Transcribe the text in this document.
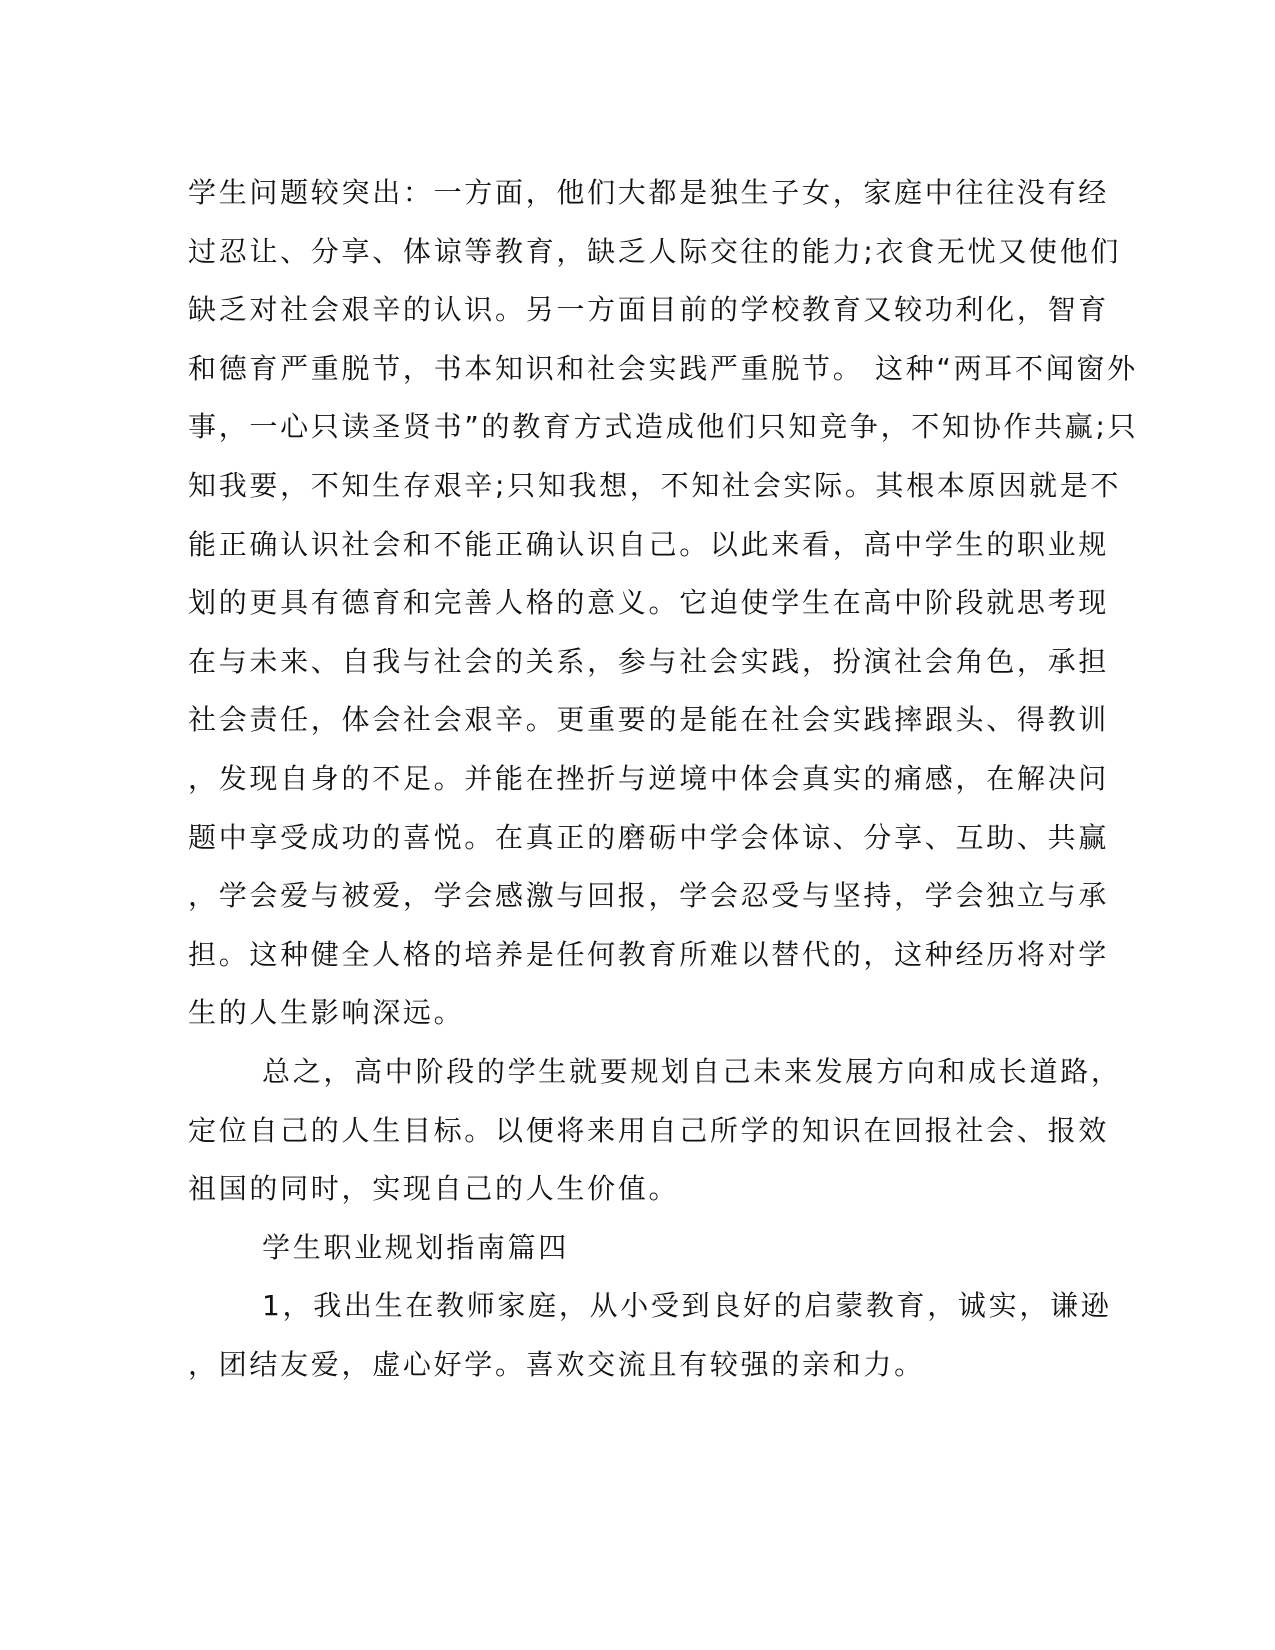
学生问题较突出：一方面，他们大都是独生子女，家庭中往往没有经
过忍让、分享、体谅等教育，缺乏人际交往的能力;衣食无忧又使他们
缺乏对社会艰辛的认识。另一方面目前的学校教育又较功利化，智育
和德育严重脱节，书本知识和社会实践严重脱节。 这种“两耳不闻窗外
事，一心只读圣贤书”的教育方式造成他们只知竞争，不知协作共赢;只
知我要，不知生存艰辛;只知我想，不知社会实际。其根本原因就是不
能正确认识社会和不能正确认识自己。以此来看，高中学生的职业规
划的更具有德育和完善人格的意义。它迫使学生在高中阶段就思考现
在与未来、自我与社会的关系，参与社会实践，扮演社会角色，承担
社会责任，体会社会艰辛。更重要的是能在社会实践摔跟头、得教训
，发现自身的不足。并能在挫折与逆境中体会真实的痛感，在解决问
题中享受成功的喜悦。在真正的磨砺中学会体谅、分享、互助、共赢
，学会爱与被爱，学会感激与回报，学会忍受与坚持，学会独立与承
担。这种健全人格的培养是任何教育所难以替代的，这种经历将对学
生的人生影响深远。
总之，高中阶段的学生就要规划自己未来发展方向和成长道路，
定位自己的人生目标。以便将来用自己所学的知识在回报社会、报效
祖国的同时，实现自己的人生价值。
学生职业规划指南篇四
1，我出生在教师家庭，从小受到良好的启蒙教育，诚实，谦逊
，团结友爱，虚心好学。喜欢交流且有较强的亲和力。
